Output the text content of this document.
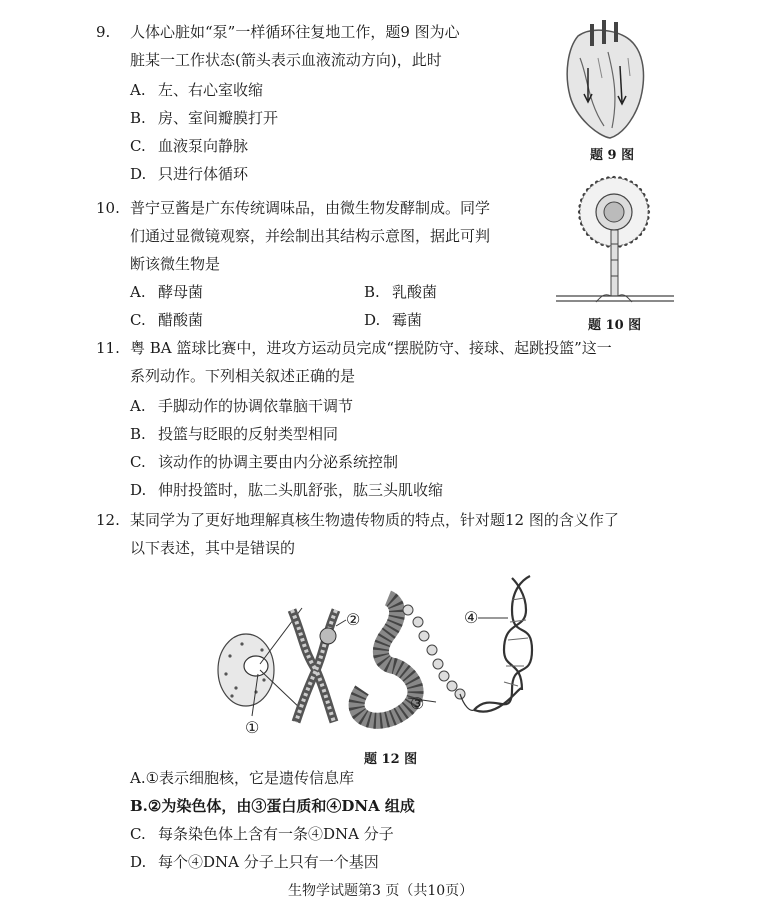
9. 人体心脏如“泵”一样循环往复地工作，题9 图为心
脏某一工作状态(箭头表示血液流动方向)，此时
A. 左、右心室收缩
B. 房、室间瓣膜打开
C. 血液泵向静脉
D. 只进行体循环
题 9 图
10. 普宁豆酱是广东传统调味品，由微生物发酵制成。同学
们通过显微镜观察，并绘制出其结构示意图，据此可判
断该微生物是
A. 酵母菌	B. 乳酸菌
C. 醋酸菌	D. 霉菌	题 10 图
11. 粤 BA 篮球比赛中，进攻方运动员完成“摆脱防守、接球、起跳投篮”这一
系列动作。下列相关叙述正确的是
A. 手脚动作的协调依靠脑干调节
B. 投篮与眨眼的反射类型相同
C. 该动作的协调主要由内分泌系统控制
D. 伸肘投篮时，肱二头肌舒张，肱三头肌收缩
12. 某同学为了更好地理解真核生物遗传物质的特点，针对题12 图的含义作了
以下表述，其中是错误的
①
②
③
④
题 12 图
A.①表示细胞核，它是遗传信息库
B.②为染色体，由③蛋白质和④DNA 组成
C. 每条染色体上含有一条④DNA 分子
D. 每个④DNA 分子上只有一个基因
生物学试题第3 页（共10页）
